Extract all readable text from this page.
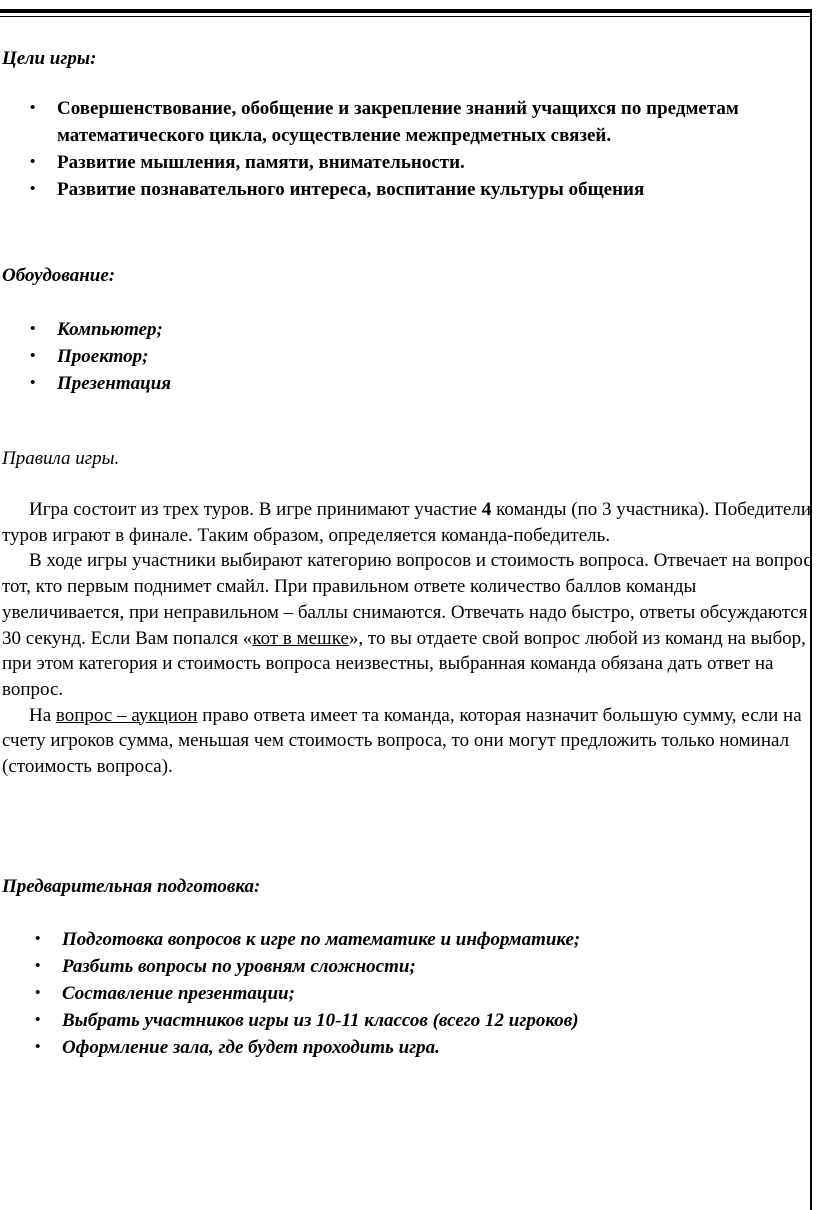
Цели игры:

• Совершенствование, обобщение и закрепление знаний учащихся по предметам математического цикла, осуществление межпредметных связей.
• Развитие мышления, памяти, внимательности.
• Развитие познавательного интереса, воспитание культуры общения

Обоудование:

• Компьютер;
• Проектор;
• Презентация

Правила игры.

Игра состоит из трех туров. В игре принимают участие 4 команды (по 3 участника). Победители туров играют в финале. Таким образом, определяется команда-победитель.

В ходе игры участники выбирают категорию вопросов и стоимость вопроса. Отвечает на вопрос тот, кто первым поднимет смайл. При правильном ответе количество баллов команды увеличивается, при неправильном – баллы снимаются. Отвечать надо быстро, ответы обсуждаются 30 секунд. Если Вам попался «кот в мешке», то вы отдаете свой вопрос любой из команд на выбор, при этом категория и стоимость вопроса неизвестны, выбранная команда обязана дать ответ на вопрос.

На вопрос – аукцион право ответа имеет та команда, которая назначит большую сумму, если на счету игроков сумма, меньшая чем стоимость вопроса, то они могут предложить только номинал (стоимость вопроса).

Предварительная подготовка:

• Подготовка вопросов к игре по математике и информатике;
• Разбить вопросы по уровням сложности;
• Составление презентации;
• Выбрать участников игры из 10-11 классов (всего 12 игроков)
• Оформление зала, где будет проходить игра.
